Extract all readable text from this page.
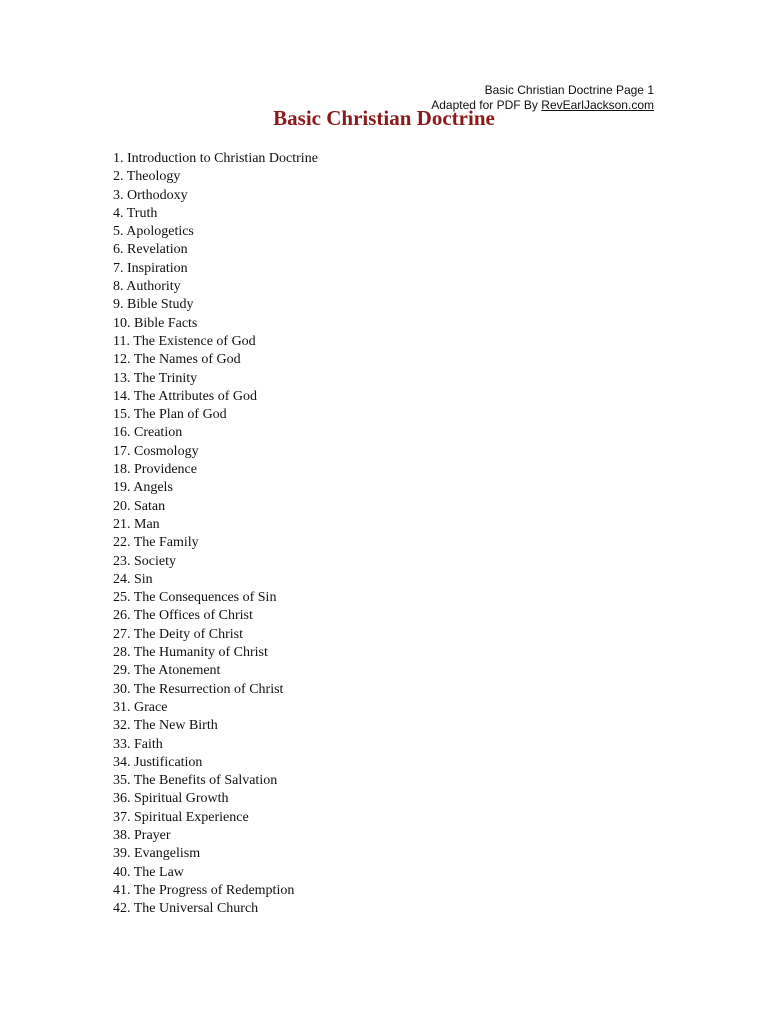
Basic Christian Doctrine Page 1
Adapted for PDF By RevEarlJackson.com
Basic Christian Doctrine
1. Introduction to Christian Doctrine
2. Theology
3. Orthodoxy
4. Truth
5. Apologetics
6. Revelation
7. Inspiration
8. Authority
9. Bible Study
10. Bible Facts
11. The Existence of God
12. The Names of God
13. The Trinity
14. The Attributes of God
15. The Plan of God
16. Creation
17. Cosmology
18. Providence
19. Angels
20. Satan
21. Man
22. The Family
23. Society
24. Sin
25. The Consequences of Sin
26. The Offices of Christ
27. The Deity of Christ
28. The Humanity of Christ
29. The Atonement
30. The Resurrection of Christ
31. Grace
32. The New Birth
33. Faith
34. Justification
35. The Benefits of Salvation
36. Spiritual Growth
37. Spiritual Experience
38. Prayer
39. Evangelism
40. The Law
41. The Progress of Redemption
42. The Universal Church
